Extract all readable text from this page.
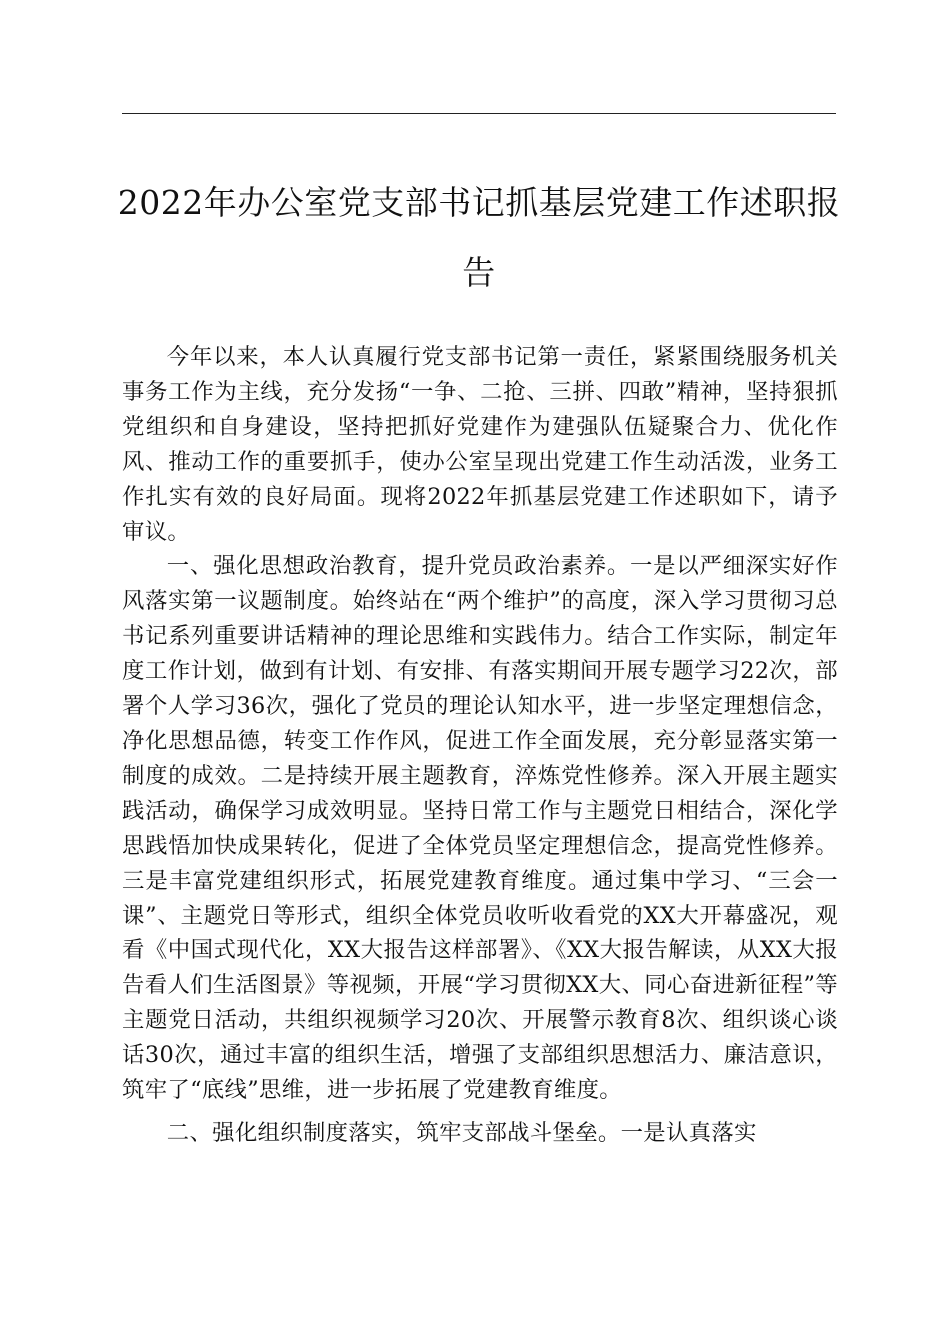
2022年办公室党支部书记抓基层党建工作述职报告

今年以来，本人认真履行党支部书记第一责任，紧紧围绕服务机关事务工作为主线，充分发扬“一争、二抢、三拼、四敢”精神，坚持狠抓党组织和自身建设，坚持把抓好党建作为建强队伍疑聚合力、优化作风、推动工作的重要抓手，使办公室呈现出党建工作生动活泼，业务工作扎实有效的良好局面。现将2022年抓基层党建工作述职如下，请予审议。

一、强化思想政治教育，提升党员政治素养。一是以严细深实好作风落实第一议题制度。始终站在“两个维护”的高度，深入学习贯彻习总书记系列重要讲话精神的理论思维和实践伟力。结合工作实际，制定年度工作计划，做到有计划、有安排、有落实期间开展专题学习22次，部署个人学习36次，强化了党员的理论认知水平，进一步坚定理想信念，净化思想品德，转变工作作风，促进工作全面发展，充分彰显落实第一制度的成效。二是持续开展主题教育，淬炼党性修养。深入开展主题实践活动，确保学习成效明显。坚持日常工作与主题党日相结合，深化学思践悟加快成果转化，促进了全体党员坚定理想信念，提高党性修养。三是丰富党建组织形式，拓展党建教育维度。通过集中学习、“三会一课”、主题党日等形式，组织全体党员收听收看党的XX大开幕盛况，观看《中国式现代化，XX大报告这样部署》、《XX大报告解读，从XX大报告看人们生活图景》等视频，开展“学习贯彻XX大、同心奋进新征程”等主题党日活动，共组织视频学习20次、开展警示教育8次、组织谈心谈话30次，通过丰富的组织生活，增强了支部组织思想活力、廉洁意识，筑牢了“底线”思维，进一步拓展了党建教育维度。

二、强化组织制度落实，筑牢支部战斗堡垒。一是认真落实
